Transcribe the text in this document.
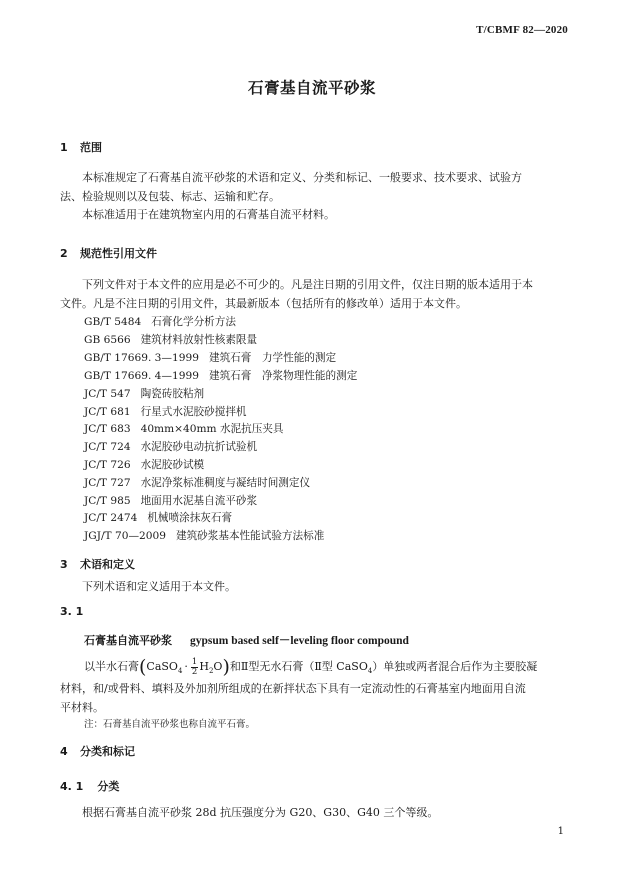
T/CBMF 82—2020
石膏基自流平砂浆
1 范围
本标准规定了石膏基自流平砂浆的术语和定义、分类和标记、一般要求、技术要求、试验方
法、检验规则以及包装、标志、运输和贮存。
本标准适用于在建筑物室内用的石膏基自流平材料。
2 规范性引用文件
下列文件对于本文件的应用是必不可少的。凡是注日期的引用文件，仅注日期的版本适用于本
文件。凡是不注日期的引用文件，其最新版本（包括所有的修改单）适用于本文件。
GB/T 5484 石膏化学分析方法
GB 6566 建筑材料放射性核素限量
GB/T 17669. 3—1999 建筑石膏　力学性能的测定
GB/T 17669. 4—1999 建筑石膏　净浆物理性能的测定
JC/T 547 陶瓷砖胶粘剂
JC/T 681 行星式水泥胶砂搅拌机
JC/T 683 40mm×40mm 水泥抗压夹具
JC/T 724 水泥胶砂电动抗折试验机
JC/T 726 水泥胶砂试模
JC/T 727 水泥净浆标准稠度与凝结时间测定仪
JC/T 985 地面用水泥基自流平砂浆
JC/T 2474 机械喷涂抹灰石膏
JGJ/T 70—2009 建筑砂浆基本性能试验方法标准
3 术语和定义
下列术语和定义适用于本文件。
3. 1
石膏基自流平砂浆 gypsum based self－leveling floor compound
以半水石膏(CaSO$_4$ · $\frac{1}{2} H_2O$)和Ⅱ型无水石膏（Ⅱ型 CaSO$_4$）单独或两者混合后作为主要胶凝
材料，和/或骨料、填料及外加剂所组成的在新拌状态下具有一定流动性的石膏基室内地面用自流
平材料。
注：石膏基自流平砂浆也称自流平石膏。
4 分类和标记
4. 1 分类
根据石膏基自流平砂浆 28d 抗压强度分为 G20、G30、G40 三个等级。
1
